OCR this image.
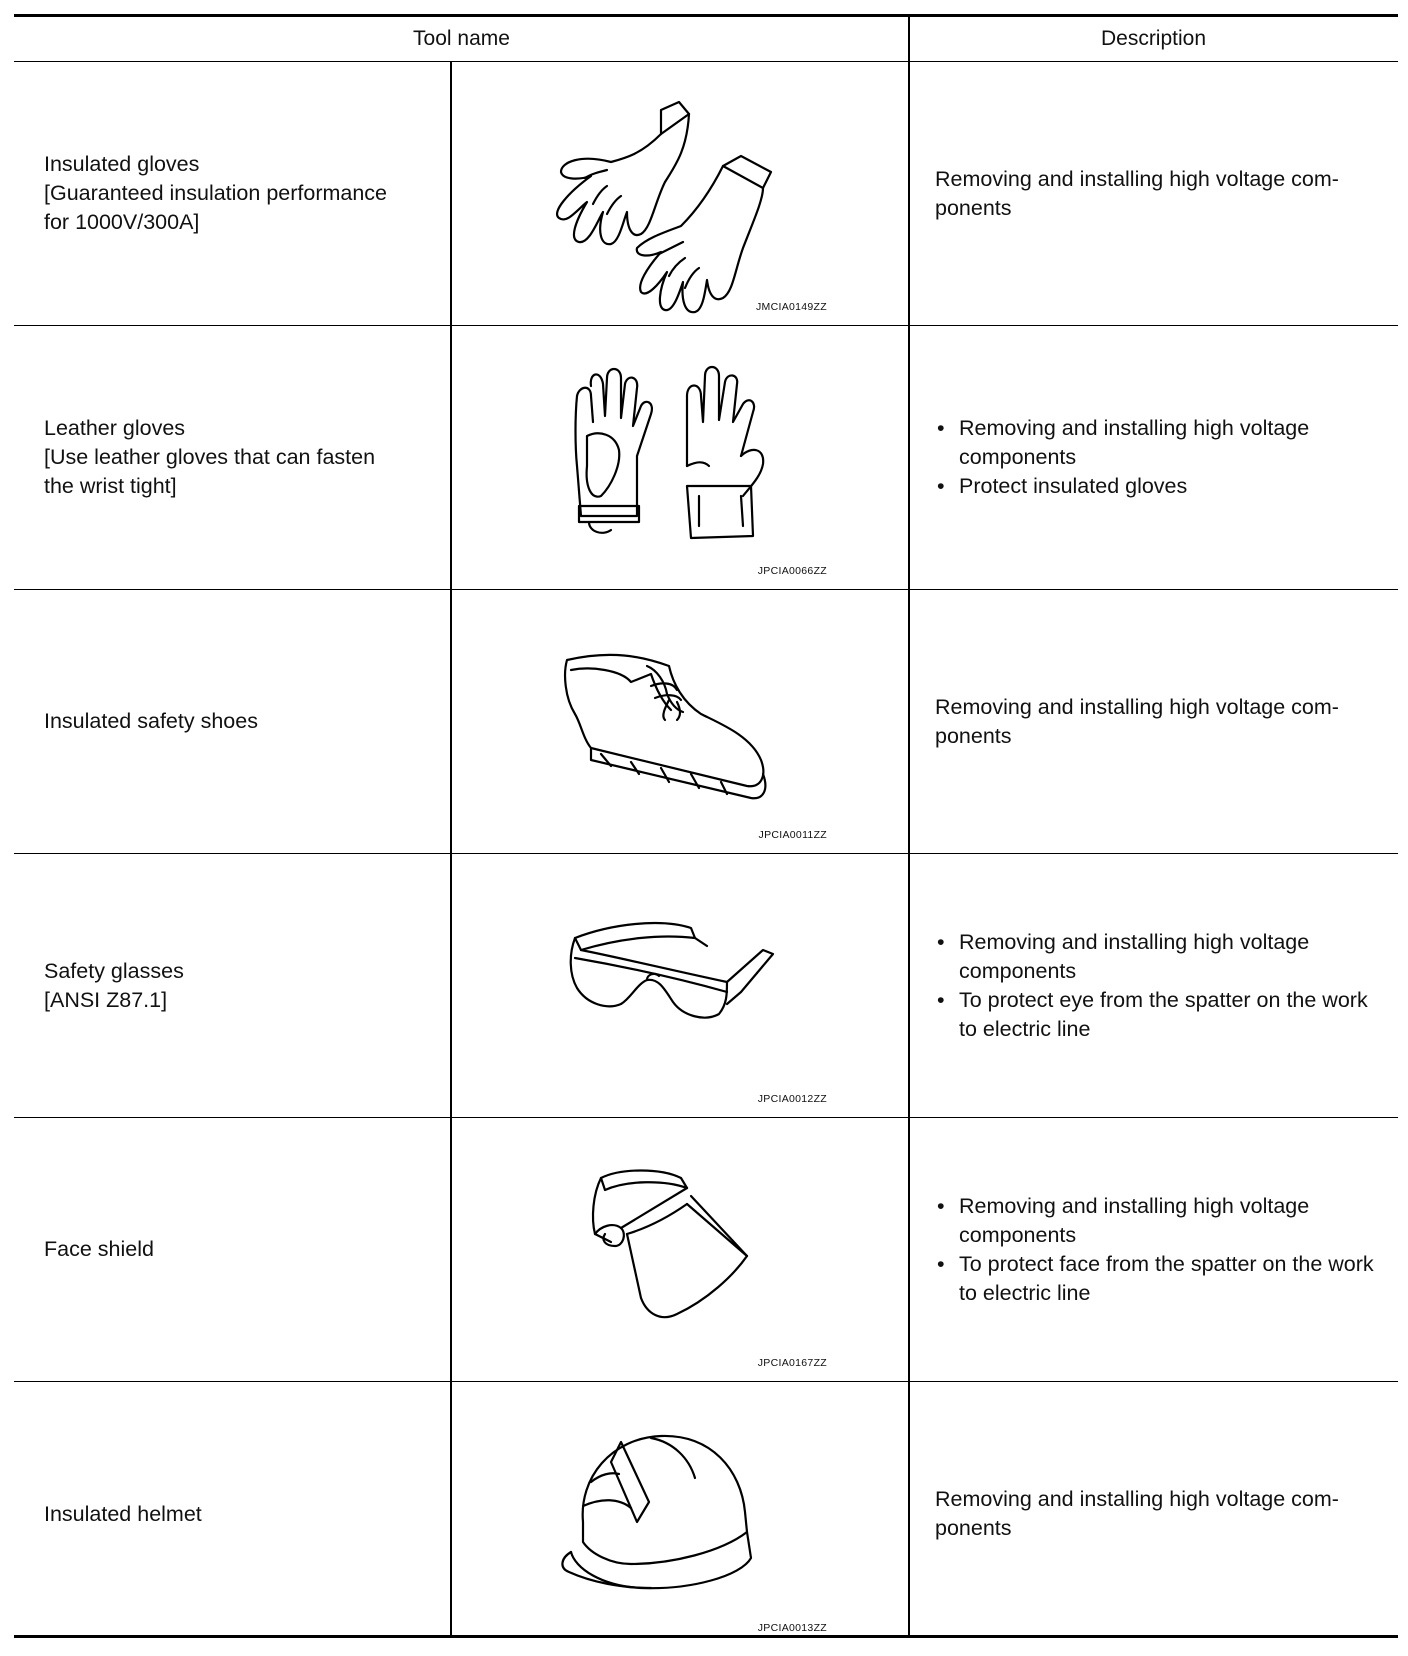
Tool name	Description
Insulated gloves
[Guaranteed insulation performance
for 1000V/300A]
JMCIA0149ZZ
Removing and installing high voltage com-
ponents
Leather gloves
[Use leather gloves that can fasten
the wrist tight]
JPCIA0066ZZ
• Removing and installing high voltage components
• Protect insulated gloves
Insulated safety shoes
JPCIA0011ZZ
Removing and installing high voltage com-
ponents
Safety glasses
[ANSI Z87.1]
JPCIA0012ZZ
• Removing and installing high voltage components
• To protect eye from the spatter on the work to electric line
Face shield
JPCIA0167ZZ
• Removing and installing high voltage components
• To protect face from the spatter on the work to electric line
Insulated helmet
JPCIA0013ZZ
Removing and installing high voltage com-
ponents
